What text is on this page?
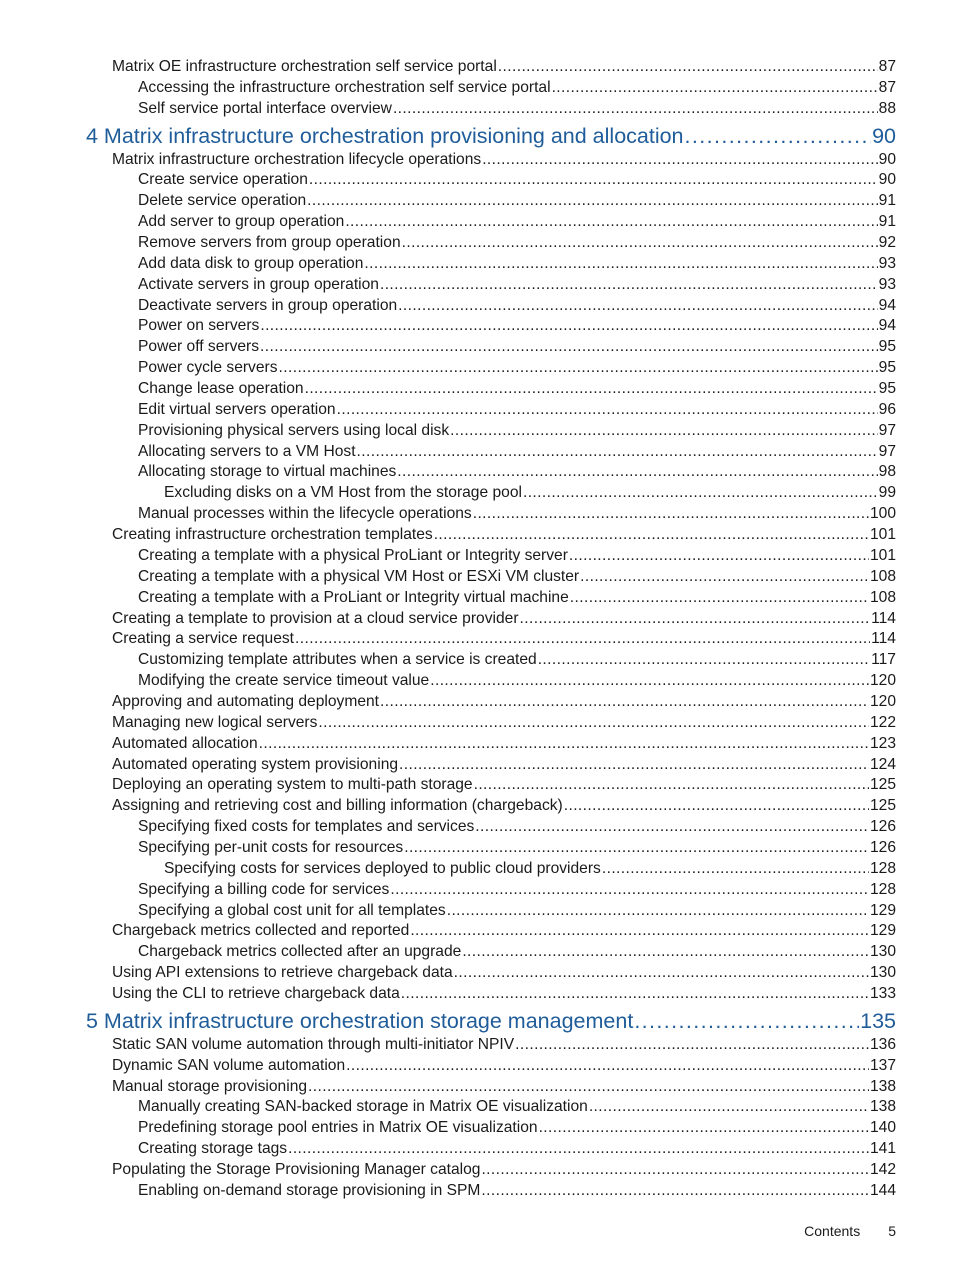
Matrix OE infrastructure orchestration self service portal .....	87
Accessing the infrastructure orchestration self service portal .....	87
Self service portal interface overview .....	88
4 Matrix infrastructure orchestration provisioning and allocation .....	90
Matrix infrastructure orchestration lifecycle operations .....	90
Create service operation .....	90
Delete service operation .....	91
Add server to group operation .....	91
Remove servers from group operation .....	92
Add data disk to group operation .....	93
Activate servers in group operation .....	93
Deactivate servers in group operation .....	94
Power on servers .....	94
Power off servers .....	95
Power cycle servers .....	95
Change lease operation .....	95
Edit virtual servers operation .....	96
Provisioning physical servers using local disk .....	97
Allocating servers to a VM Host .....	97
Allocating storage to virtual machines .....	98
Excluding disks on a VM Host from the storage pool .....	99
Manual processes within the lifecycle operations .....	100
Creating infrastructure orchestration templates .....	101
Creating a template with a physical ProLiant or Integrity server .....	101
Creating a template with a physical VM Host or ESXi VM cluster .....	108
Creating a template with a ProLiant or Integrity virtual machine .....	108
Creating a template to provision at a cloud service provider .....	114
Creating a service request .....	114
Customizing template attributes when a service is created .....	117
Modifying the create service timeout value .....	120
Approving and automating deployment .....	120
Managing new logical servers .....	122
Automated allocation .....	123
Automated operating system provisioning .....	124
Deploying an operating system to multi-path storage .....	125
Assigning and retrieving cost and billing information (chargeback) .....	125
Specifying fixed costs for templates and services .....	126
Specifying per-unit costs for resources .....	126
Specifying costs for services deployed to public cloud providers .....	128
Specifying a billing code for services .....	128
Specifying a global cost unit for all templates .....	129
Chargeback metrics collected and reported .....	129
Chargeback metrics collected after an upgrade .....	130
Using API extensions to retrieve chargeback data .....	130
Using the CLI to retrieve chargeback data .....	133
5 Matrix infrastructure orchestration storage management .....	135
Static SAN volume automation through multi-initiator NPIV .....	136
Dynamic SAN volume automation .....	137
Manual storage provisioning .....	138
Manually creating SAN-backed storage in Matrix OE visualization .....	138
Predefining storage pool entries in Matrix OE visualization .....	140
Creating storage tags .....	141
Populating the Storage Provisioning Manager catalog .....	142
Enabling on-demand storage provisioning in SPM .....	144
Contents 5
